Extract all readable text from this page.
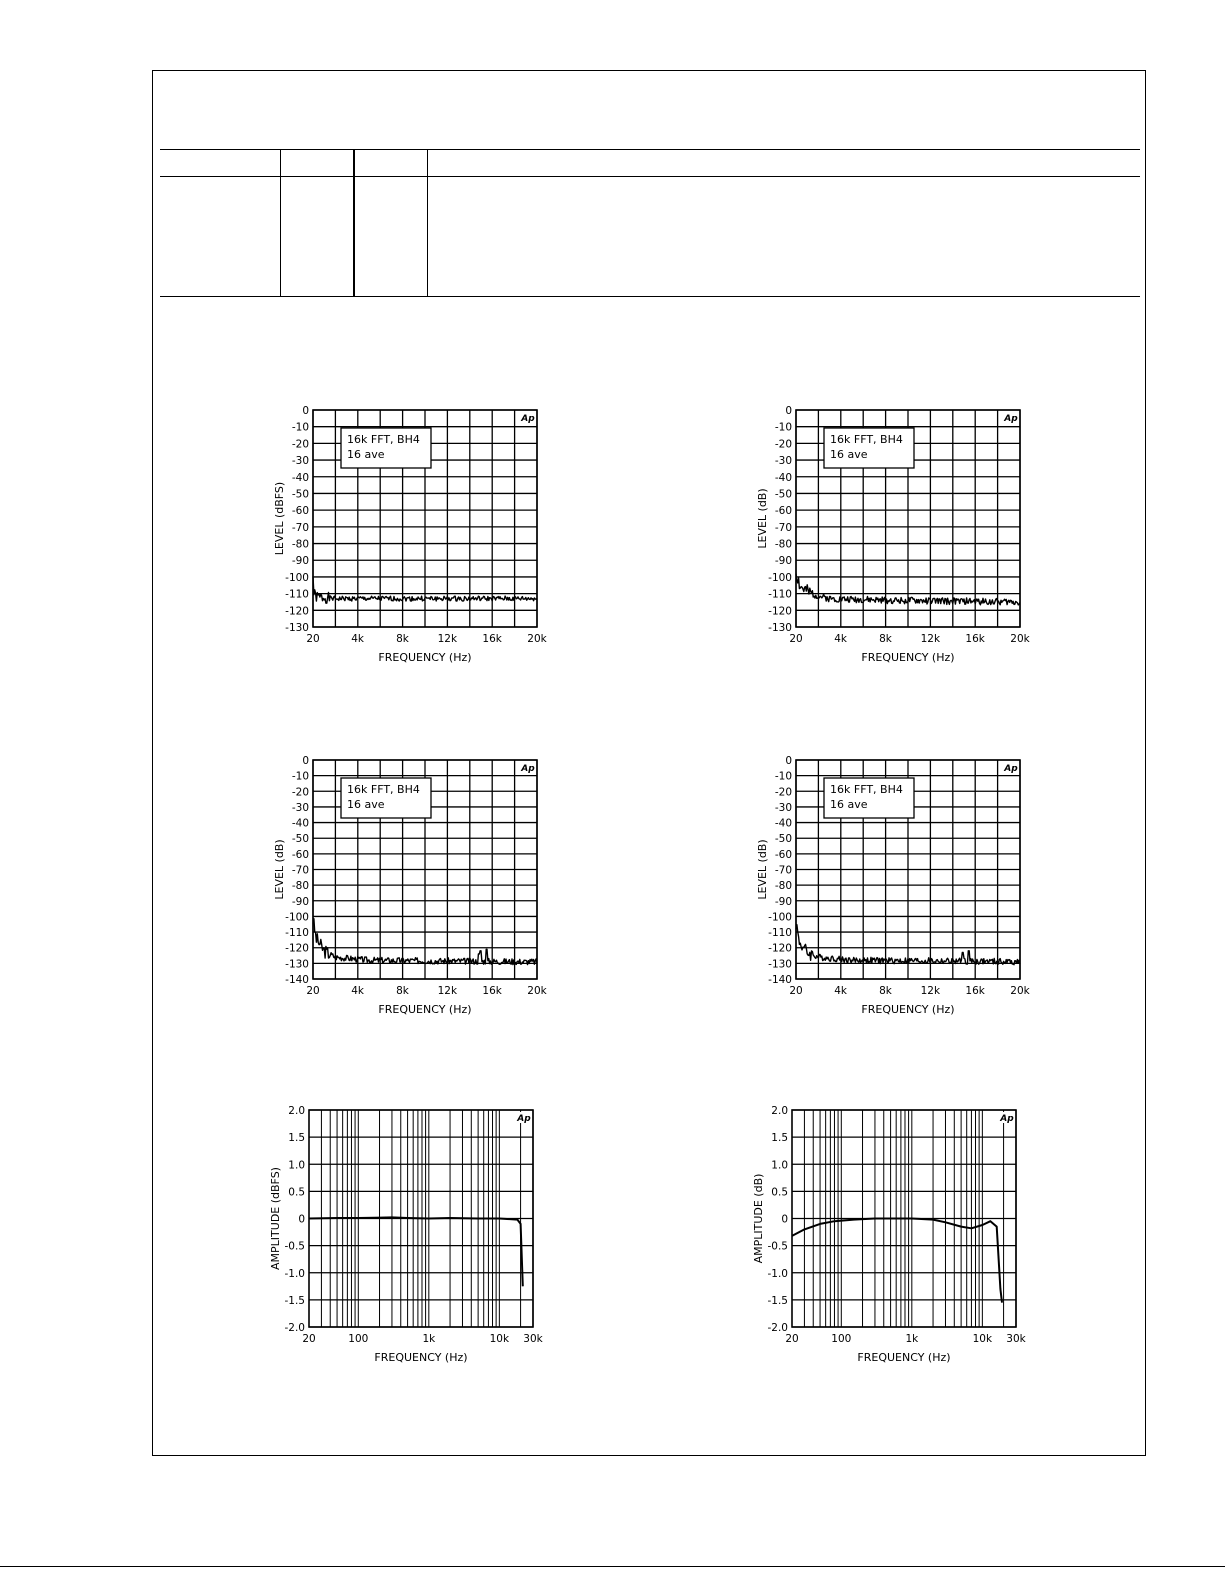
0
-10
-20
-30
-40
-50
-60
-70
-80
-90
-100
-110
-120
-130
20	4k	8k	12k 16k 20k
FREQUENCY (Hz)
LEVEL (dBFS)
16k FFT, BH4
16 ave
Ap
0
-10
-20
-30
-40
-50
-60
-70
-80
-90
-100
-110
-120
-130
20	4k	8k	12k 16k 20k
FREQUENCY (Hz)
LEVEL (dB)
16k FFT, BH4
16 ave
Ap
0
-10
-20
-30
-40
-50
-60
-70
-80
-90
-100
-110
-120
-130
-140
20	4k	8k	12k 16k 20k
FREQUENCY (Hz)
LEVEL (dB)
16k FFT, BH4
16 ave
Ap
0
-10
-20
-30
-40
-50
-60
-70
-80
-90
-100
-110
-120
-130
-140
20	4k	8k	12k 16k 20k
FREQUENCY (Hz)
LEVEL (dB)
16k FFT, BH4
16 ave
Ap
2.0
1.5
1.0
0.5
0
-0.5
-1.0
-1.5
-2.0
20	100	1k	10k 30k
FREQUENCY (Hz)
AMPLITUDE (dBFS)
Ap
2.0
1.5
1.0
0.5
0
-0.5
-1.0
-1.5
-2.0
20	100	1k	10k 30k
FREQUENCY (Hz)
AMPLITUDE (dB)
Ap
